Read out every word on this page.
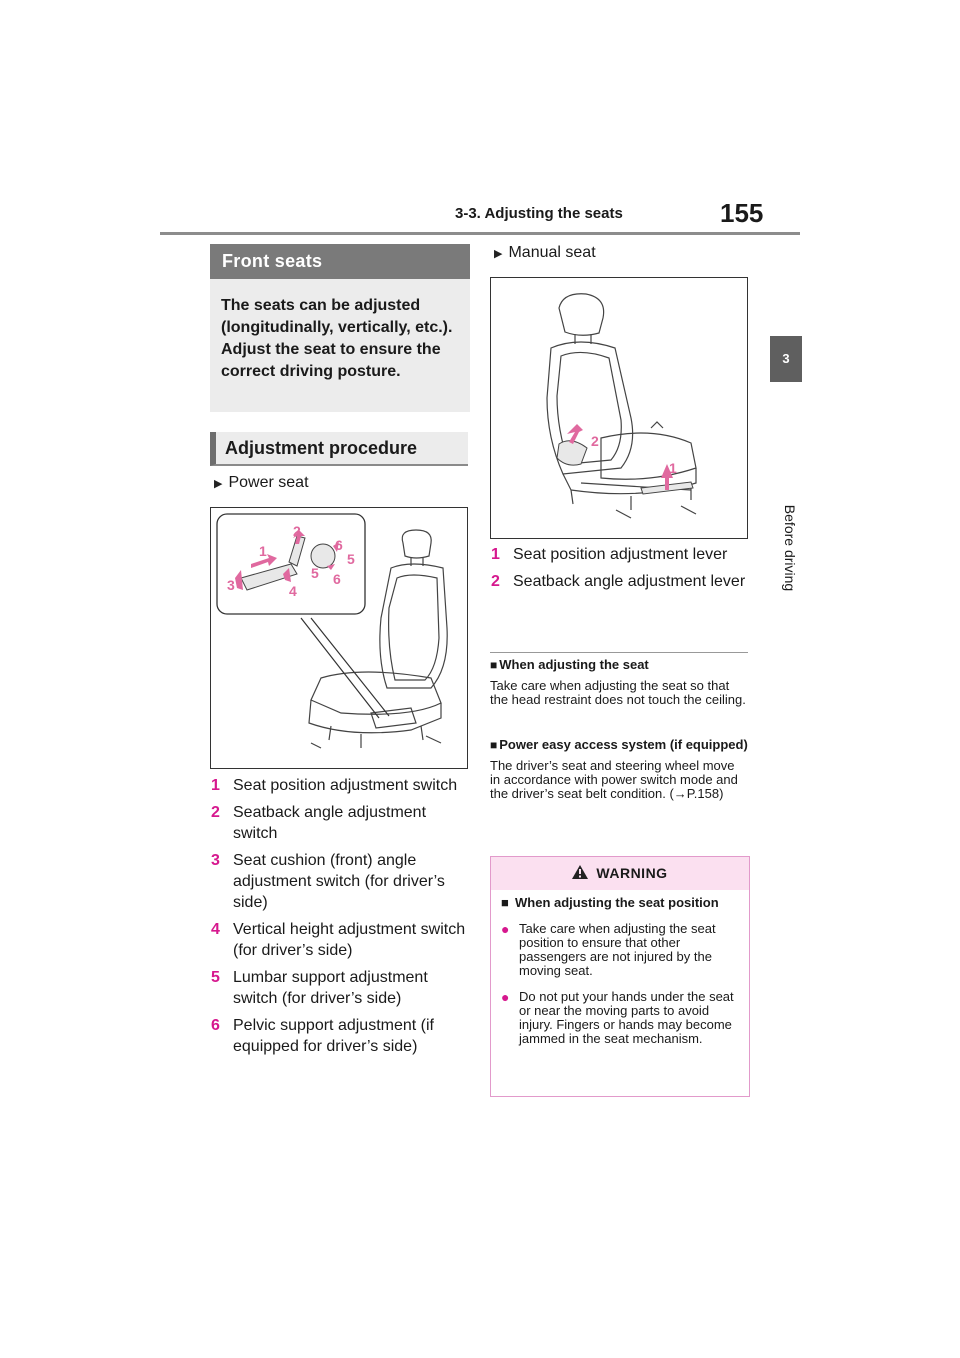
3-3. Adjusting the seats	155
3
Before driving
Front seats
The seats can be adjusted (longitudinally, vertically, etc.). Adjust the seat to ensure the correct driving posture.
Adjustment procedure
▶ Power seat
1
2
3	4
5
6
5 6
1 Seat position adjustment switch
2 Seatback angle adjustment switch
3 Seat cushion (front) angle adjustment switch (for driver’s side)
4 Vertical height adjustment switch (for driver’s side)
5 Lumbar support adjustment switch (for driver’s side)
6 Pelvic support adjustment (if equipped for driver’s side)
▶ Manual seat
2
1
1 Seat position adjustment lever
2 Seatback angle adjustment lever
■ When adjusting the seat
Take care when adjusting the seat so that the head restraint does not touch the ceiling.
■ Power easy access system (if equipped)
The driver’s seat and steering wheel move in accordance with power switch mode and the driver’s seat belt condition. (→P.158)
WARNING
■ When adjusting the seat position
● Take care when adjusting the seat position to ensure that other passengers are not injured by the moving seat.
● Do not put your hands under the seat or near the moving parts to avoid injury. Fingers or hands may become jammed in the seat mechanism.
